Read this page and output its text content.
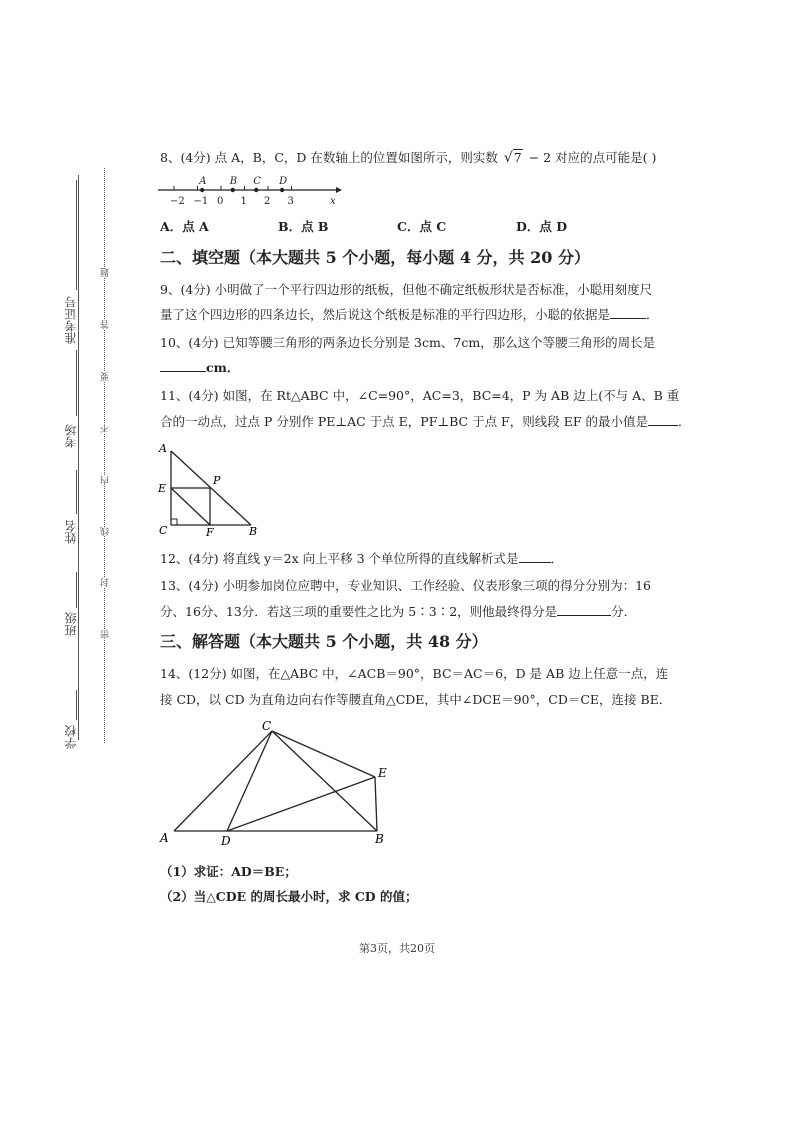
学校
班级
姓名
考场
准考证号
密
封
线
内
不
要
答
题
8、(4分) 点 A，B，C，D 在数轴上的位置如图所示，则实数 √7 − 2 对应的点可能是( )
x
−2 −1 0 1 2 3
A B C D
A．点 A	B．点 B	C．点 C	D．点 D
二、填空题（本大题共 5 个小题，每小题 4 分，共 20 分）
9、(4分) 小明做了一个平行四边形的纸板，但他不确定纸板形状是否标准，小聪用刻度尺
量了这个四边形的四条边长，然后说这个纸板是标准的平行四边形，小聪的依据是	．
10、(4分) 已知等腰三角形的两条边长分别是 3cm、7cm，那么这个等腰三角形的周长是
cm．
11、(4分) 如图，在 Rt△ABC 中，∠C=90°，AC=3，BC=4，P 为 AB 边上(不与 A、B 重
合的一动点，过点 P 分别作 PE⊥AC 于点 E，PF⊥BC 于点 F，则线段 EF 的最小值是 ．
A
E
C	F	B
P
12、(4分) 将直线 y＝2x 向上平移 3 个单位所得的直线解析式是	．
13、(4分) 小明参加岗位应聘中，专业知识、工作经验、仪表形象三项的得分分别为：16
分、16分、13分．若这三项的重要性之比为 5∶3∶2，则他最终得分是	分．
三、解答题（本大题共 5 个小题，共 48 分）
14、(12分) 如图，在△ABC 中，∠ACB＝90°，BC＝AC＝6，D 是 AB 边上任意一点，连
接 CD，以 CD 为直角边向右作等腰直角△CDE，其中∠DCE＝90°，CD＝CE，连接 BE．
C
E
A	D	B
（1）求证：AD＝BE；
（2）当△CDE 的周长最小时，求 CD 的值；
第3页，共20页
